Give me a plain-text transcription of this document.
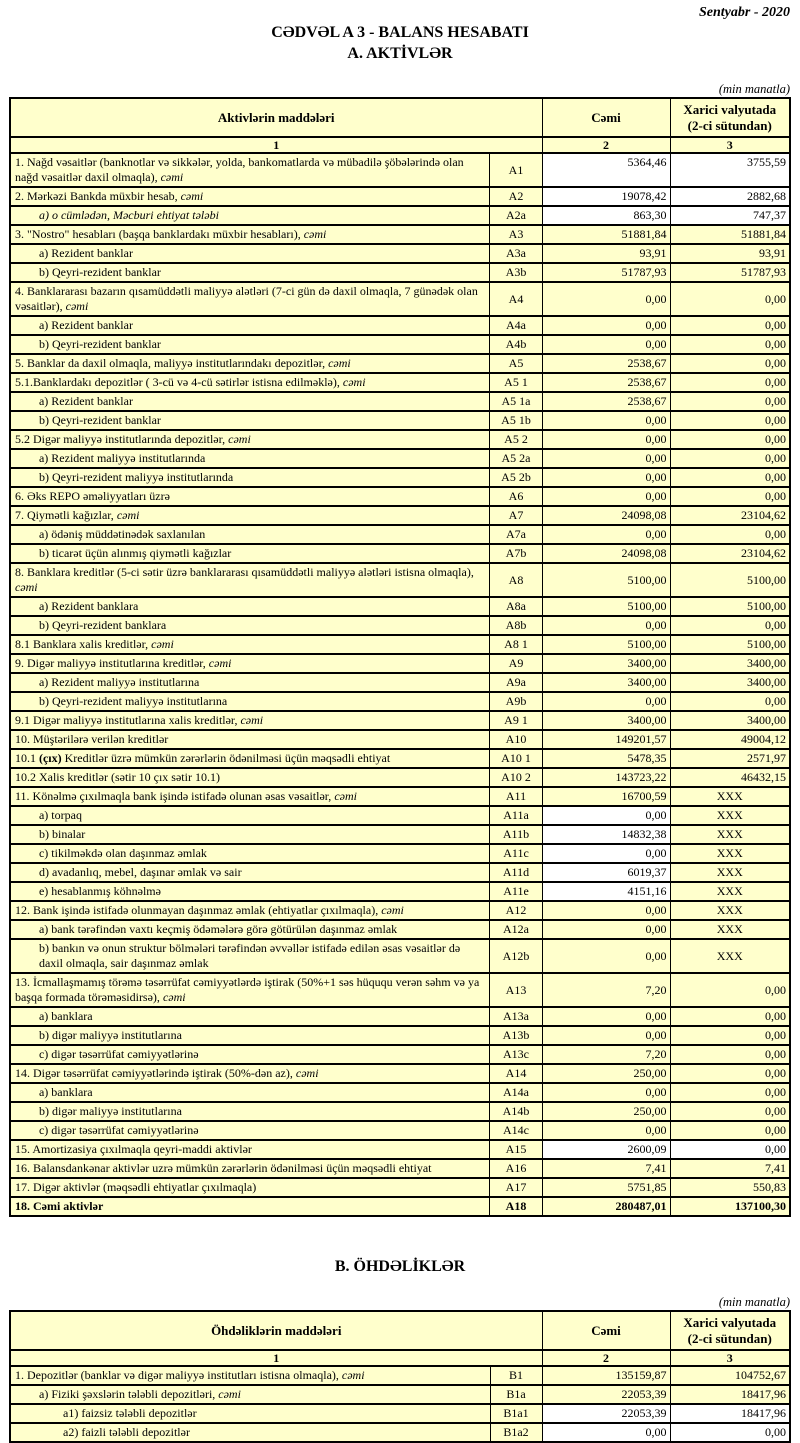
Sentyabr - 2020
CƏDVƏL A 3 - BALANS HESABATI
A. AKTİVLƏR
(min manatla)
Aktivlərin maddələri		Cəmi	Xarici valyutada
(2-ci sütundan)

1		2	3
1. Nağd vəsaitlər (banknotlar və sikkələr, yolda, bankomatlarda və mübadilə şöbələrində olan nağd vəsaitlər daxil olmaqla), cəmi	A1	5364,46	3755,59
2. Mərkəzi Bankda müxbir hesab, cəmi	A2	19078,42	2882,68
a) o cümlədən, Məcburi ehtiyat tələbi	A2a	863,30	747,37
3. "Nostro" hesabları (başqa banklardakı müxbir hesabları), cəmi	A3	51881,84	51881,84
a) Rezident banklar	A3a	93,91	93,91
b) Qeyri-rezident banklar	A3b	51787,93	51787,93
4. Banklararası bazarın qısamüddətli maliyyə alətləri (7-ci gün də daxil olmaqla, 7 günədək olan vəsaitlər), cəmi	A4	0,00	0,00
a) Rezident banklar	A4a	0,00	0,00
b) Qeyri-rezident banklar	A4b	0,00	0,00
5. Banklar da daxil olmaqla, maliyyə institutlarındakı depozitlər, cəmi	A5	2538,67	0,00
5.1.Banklardakı depozitlər ( 3-cü və 4-cü sətirlər istisna edilməklə), cəmi	A5 1	2538,67	0,00
a) Rezident banklar	A5 1a	2538,67	0,00
b) Qeyri-rezident banklar	A5 1b	0,00	0,00
5.2 Digər maliyyə institutlarında depozitlər, cəmi	A5 2	0,00	0,00
a) Rezident maliyyə institutlarında	A5 2a	0,00	0,00
b) Qeyri-rezident maliyyə institutlarında	A5 2b	0,00	0,00
6. Əks REPO əməliyyatları üzrə	A6	0,00	0,00
7. Qiymətli kağızlar, cəmi	A7	24098,08	23104,62
a) ödəniş müddətinədək saxlanılan	A7a	0,00	0,00
b) ticarət üçün alınmış qiymətli kağızlar	A7b	24098,08	23104,62
8. Banklara kreditlər (5-ci sətir üzrə banklararası qısamüddətli maliyyə alətləri istisna olmaqla), cəmi	A8	5100,00	5100,00
a) Rezident banklara	A8a	5100,00	5100,00
b) Qeyri-rezident banklara	A8b	0,00	0,00
8.1 Banklara xalis kreditlər, cəmi	A8 1	5100,00	5100,00
9. Digər maliyyə institutlarına kreditlər, cəmi	A9	3400,00	3400,00
a) Rezident maliyyə institutlarına	A9a	3400,00	3400,00
b) Qeyri-rezident maliyyə institutlarına	A9b	0,00	0,00
9.1 Digər maliyyə institutlarına xalis kreditlər, cəmi	A9 1	3400,00	3400,00
10. Müştərilərə verilən kreditlər	A10	149201,57	49004,12
10.1 (çıx) Kreditlər üzrə mümkün zərərlərin ödənilməsi üçün məqsədli ehtiyat	A10 1	5478,35	2571,97
10.2 Xalis kreditlər (sətir 10 çıx sətir 10.1)	A10 2	143723,22	46432,15
11. Könəlmə çıxılmaqla bank işində istifadə olunan əsas vəsaitlər, cəmi	A11	16700,59	XXX
a) torpaq	A11a	0,00	XXX
b) binalar	A11b	14832,38	XXX
c) tikilməkdə olan daşınmaz əmlak	A11c	0,00	XXX
d) avadanlıq, mebel, daşınar əmlak və sair	A11d	6019,37	XXX
e) hesablanmış köhnəlmə	A11e	4151,16	XXX
12. Bank işində istifadə olunmayan daşınmaz əmlak (ehtiyatlar çıxılmaqla), cəmi	A12	0,00	XXX
a) bank tərəfindən vaxtı keçmiş ödəmələrə görə götürülən daşınmaz əmlak	A12a	0,00	XXX
b) bankın və onun struktur bölmələri tərəfindən əvvəllər istifadə edilən əsas vəsaitlər də daxil olmaqla, sair daşınmaz əmlak	A12b	0,00	XXX
13. İcmallaşmamış törəmə təsərrüfat cəmiyyətlərdə iştirak (50%+1 səs hüququ verən səhm və ya başqa formada törəməsidirsə), cəmi	A13	7,20	0,00
a) banklara	A13a	0,00	0,00
b) digər maliyyə institutlarına	A13b	0,00	0,00
c) digər təsərrüfat cəmiyyətlərinə	A13c	7,20	0,00
14. Digər təsərrüfat cəmiyyətlərində iştirak (50%-dən az), cəmi	A14	250,00	0,00
a) banklara	A14a	0,00	0,00
b) digər maliyyə institutlarına	A14b	250,00	0,00
c) digər təsərrüfat cəmiyyətlərinə	A14c	0,00	0,00
15. Amortizasiya çıxılmaqla qeyri-maddi aktivlər	A15	2600,09	0,00
16. Balansdankənar aktivlər uzrə mümkün zərərlərin ödənilməsi üçün məqsədli ehtiyat	A16	7,41	7,41
17. Digər aktivlər (məqsədli ehtiyatlar çıxılmaqla)	A17	5751,85	550,83
18. Cəmi aktivlər	A18	280487,01	137100,30
B. ÖHDƏLİKLƏR
(min manatla)
Öhdəliklərin maddələri		Cəmi	Xarici valyutada
(2-ci sütundan)

1		2	3
1. Depozitlər (banklar və digər maliyyə institutları istisna olmaqla), cəmi	B1	135159,87	104752,67
a) Fiziki şəxslərin tələbli depozitləri, cəmi	B1a	22053,39	18417,96
a1) faizsiz tələbli depozitlər	B1a1	22053,39	18417,96
a2) faizli tələbli depozitlər	B1a2	0,00	0,00
